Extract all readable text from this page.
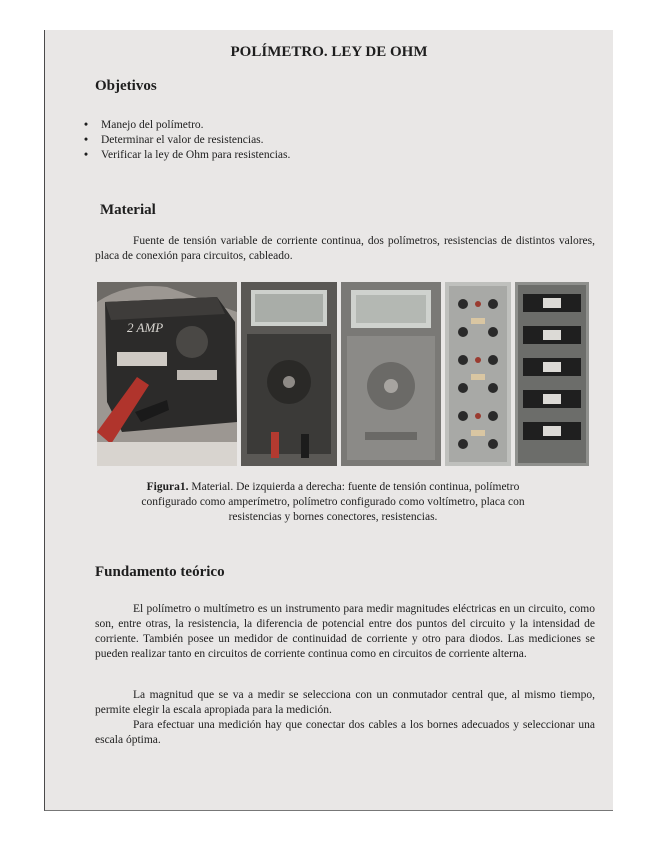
POLÍMETRO. LEY DE OHM
Objetivos
• Manejo del polímetro.
• Determinar el valor de resistencias.
• Verificar la ley de Ohm para resistencias.
Material

Fuente de tensión variable de corriente continua, dos polímetros, resistencias de distintos valores, placa de conexión para circuitos, cableado.

2 AMP
Figura1. Material. De izquierda a derecha: fuente de tensión continua, polímetro configurado como amperímetro, polímetro configurado como voltímetro, placa con resistencias y bornes conectores, resistencias.
Fundamento teórico

El polímetro o multímetro es un instrumento para medir magnitudes eléctricas en un circuito, como son, entre otras, la resistencia, la diferencia de potencial entre dos puntos del circuito y la intensidad de corriente. También posee un medidor de continuidad de corriente y otro para diodos. Las mediciones se pueden realizar tanto en circuitos de corriente continua como en circuitos de corriente alterna.

La magnitud que se va a medir se selecciona con un conmutador central que, al mismo tiempo, permite elegir la escala apropiada para la medición.

Para efectuar una medición hay que conectar dos cables a los bornes adecuados y seleccionar una escala óptima.
